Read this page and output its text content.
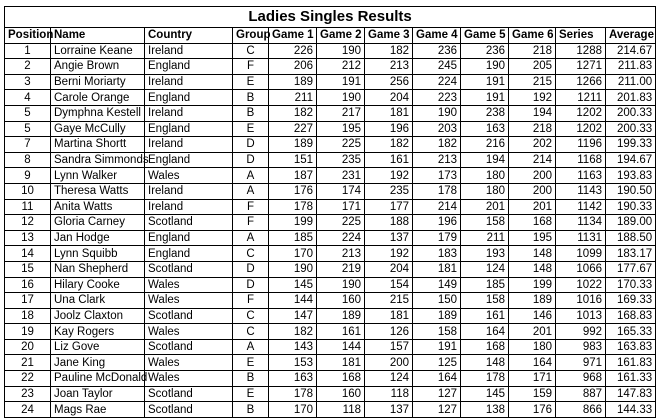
Ladies Singles Results											
Position	Name	Country	Group	Game 1	Game 2	Game 3	Game 4	Game 5	Game 6	Series	Average
1	Lorraine Keane	Ireland	C	226	190	182	236	236	218	1288	214.67
2	Angie Brown	England	F	206	212	213	245	190	205	1271	211.83
3	Berni Moriarty	Ireland	E	189	191	256	224	191	215	1266	211.00
4	Carole Orange	England	B	211	190	204	223	191	192	1211	201.83
5	Dymphna Kestell	Ireland	B	182	217	181	190	238	194	1202	200.33
5	Gaye McCully	England	E	227	195	196	203	163	218	1202	200.33
7	Martina Shortt	Ireland	D	189	225	182	182	216	202	1196	199.33
8	Sandra Simmonds	England	D	151	235	161	213	194	214	1168	194.67
9	Lynn Walker	Wales	A	187	231	192	173	180	200	1163	193.83
10	Theresa Watts	Ireland	A	176	174	235	178	180	200	1143	190.50
11	Anita Watts	Ireland	F	178	171	177	214	201	201	1142	190.33
12	Gloria Carney	Scotland	F	199	225	188	196	158	168	1134	189.00
13	Jan Hodge	England	A	185	224	137	179	211	195	1131	188.50
14	Lynn Squibb	England	C	170	213	192	183	193	148	1099	183.17
15	Nan Shepherd	Scotland	D	190	219	204	181	124	148	1066	177.67
16	Hilary Cooke	Wales	D	145	190	154	149	185	199	1022	170.33
17	Una Clark	Wales	F	144	160	215	150	158	189	1016	169.33
18	Joolz Claxton	Scotland	C	147	189	181	189	161	146	1013	168.83
19	Kay Rogers	Wales	C	182	161	126	158	164	201	992	165.33
20	Liz Gove	Scotland	A	143	144	157	191	168	180	983	163.83
21	Jane King	Wales	E	153	181	200	125	148	164	971	161.83
22	Pauline McDonald	Wales	B	163	168	124	164	178	171	968	161.33
23	Joan Taylor	Scotland	E	178	160	118	127	145	159	887	147.83
24	Mags Rae	Scotland	B	170	118	137	127	138	176	866	144.33
